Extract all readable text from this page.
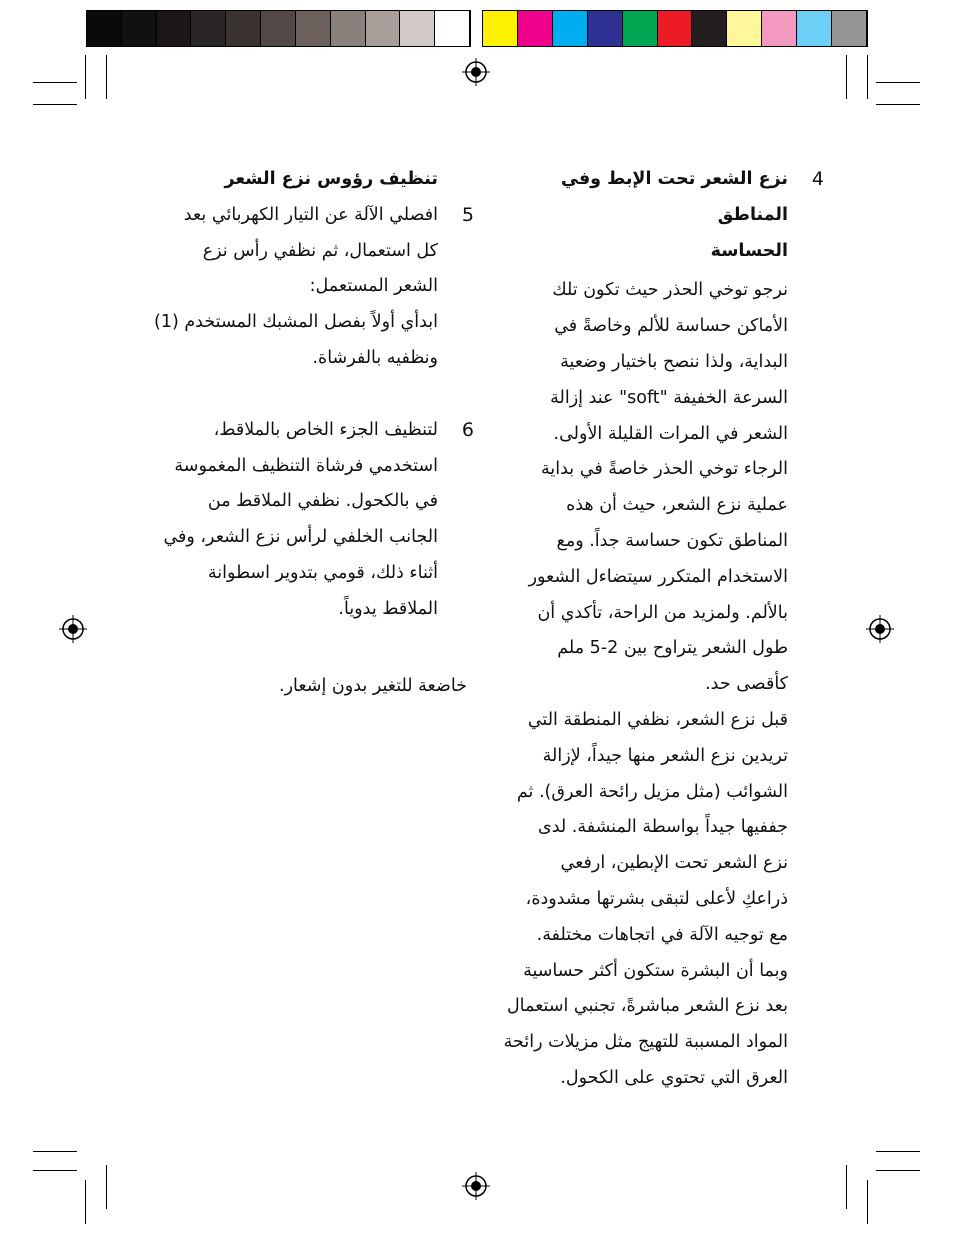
4

نزع الشعر تحت الإبط وفي المناطق

الحساسة

نرجو توخي الحذر حيث تكون تلك

الأماكن حساسة للألم وخاصةً في

البداية، ولذا ننصح باختيار وضعية

السرعة الخفيفة "soft" عند إزالة

الشعر في المرات القليلة الأولى.

الرجاء توخي الحذر خاصةً في بداية

عملية نزع الشعر، حيث أن هذه

المناطق تكون حساسة جداً. ومع

الاستخدام المتكرر سيتضاءل الشعور

بالألم. ولمزيد من الراحة، تأكدي أن

طول الشعر يتراوح بين 2-5 ملم

كأقصى حد.

قبل نزع الشعر، نظفي المنطقة التي

تريدين نزع الشعر منها جيداً، لإزالة

الشوائب (مثل مزيل رائحة العرق). ثم

جففيها جيداً بواسطة المنشفة. لدى

نزع الشعر تحت الإبطين، ارفعي

ذراعكِ لأعلى لتبقى بشرتها مشدودة،

مع توجيه الآلة في اتجاهات مختلفة.

وبما أن البشرة ستكون أكثر حساسية

بعد نزع الشعر مباشرةً، تجنبي استعمال

المواد المسببة للتهيج مثل مزيلات رائحة

العرق التي تحتوي على الكحول.

تنظيف رؤوس نزع الشعر

5

افصلي الآلة عن التيار الكهربائي بعد

كل استعمال، ثم نظفي رأس نزع

الشعر المستعمل:

ابدأي أولاً بفصل المشبك المستخدم (1)

ونظفيه بالفرشاة.

6

لتنظيف الجزء الخاص بالملاقط،

استخدمي فرشاة التنظيف المغموسة

في بالكحول. نظفي الملاقط من

الجانب الخلفي لرأس نزع الشعر، وفي

أثناء ذلك، قومي بتدوير اسطوانة

الملاقط يدوياً.

خاضعة للتغير بدون إشعار.
